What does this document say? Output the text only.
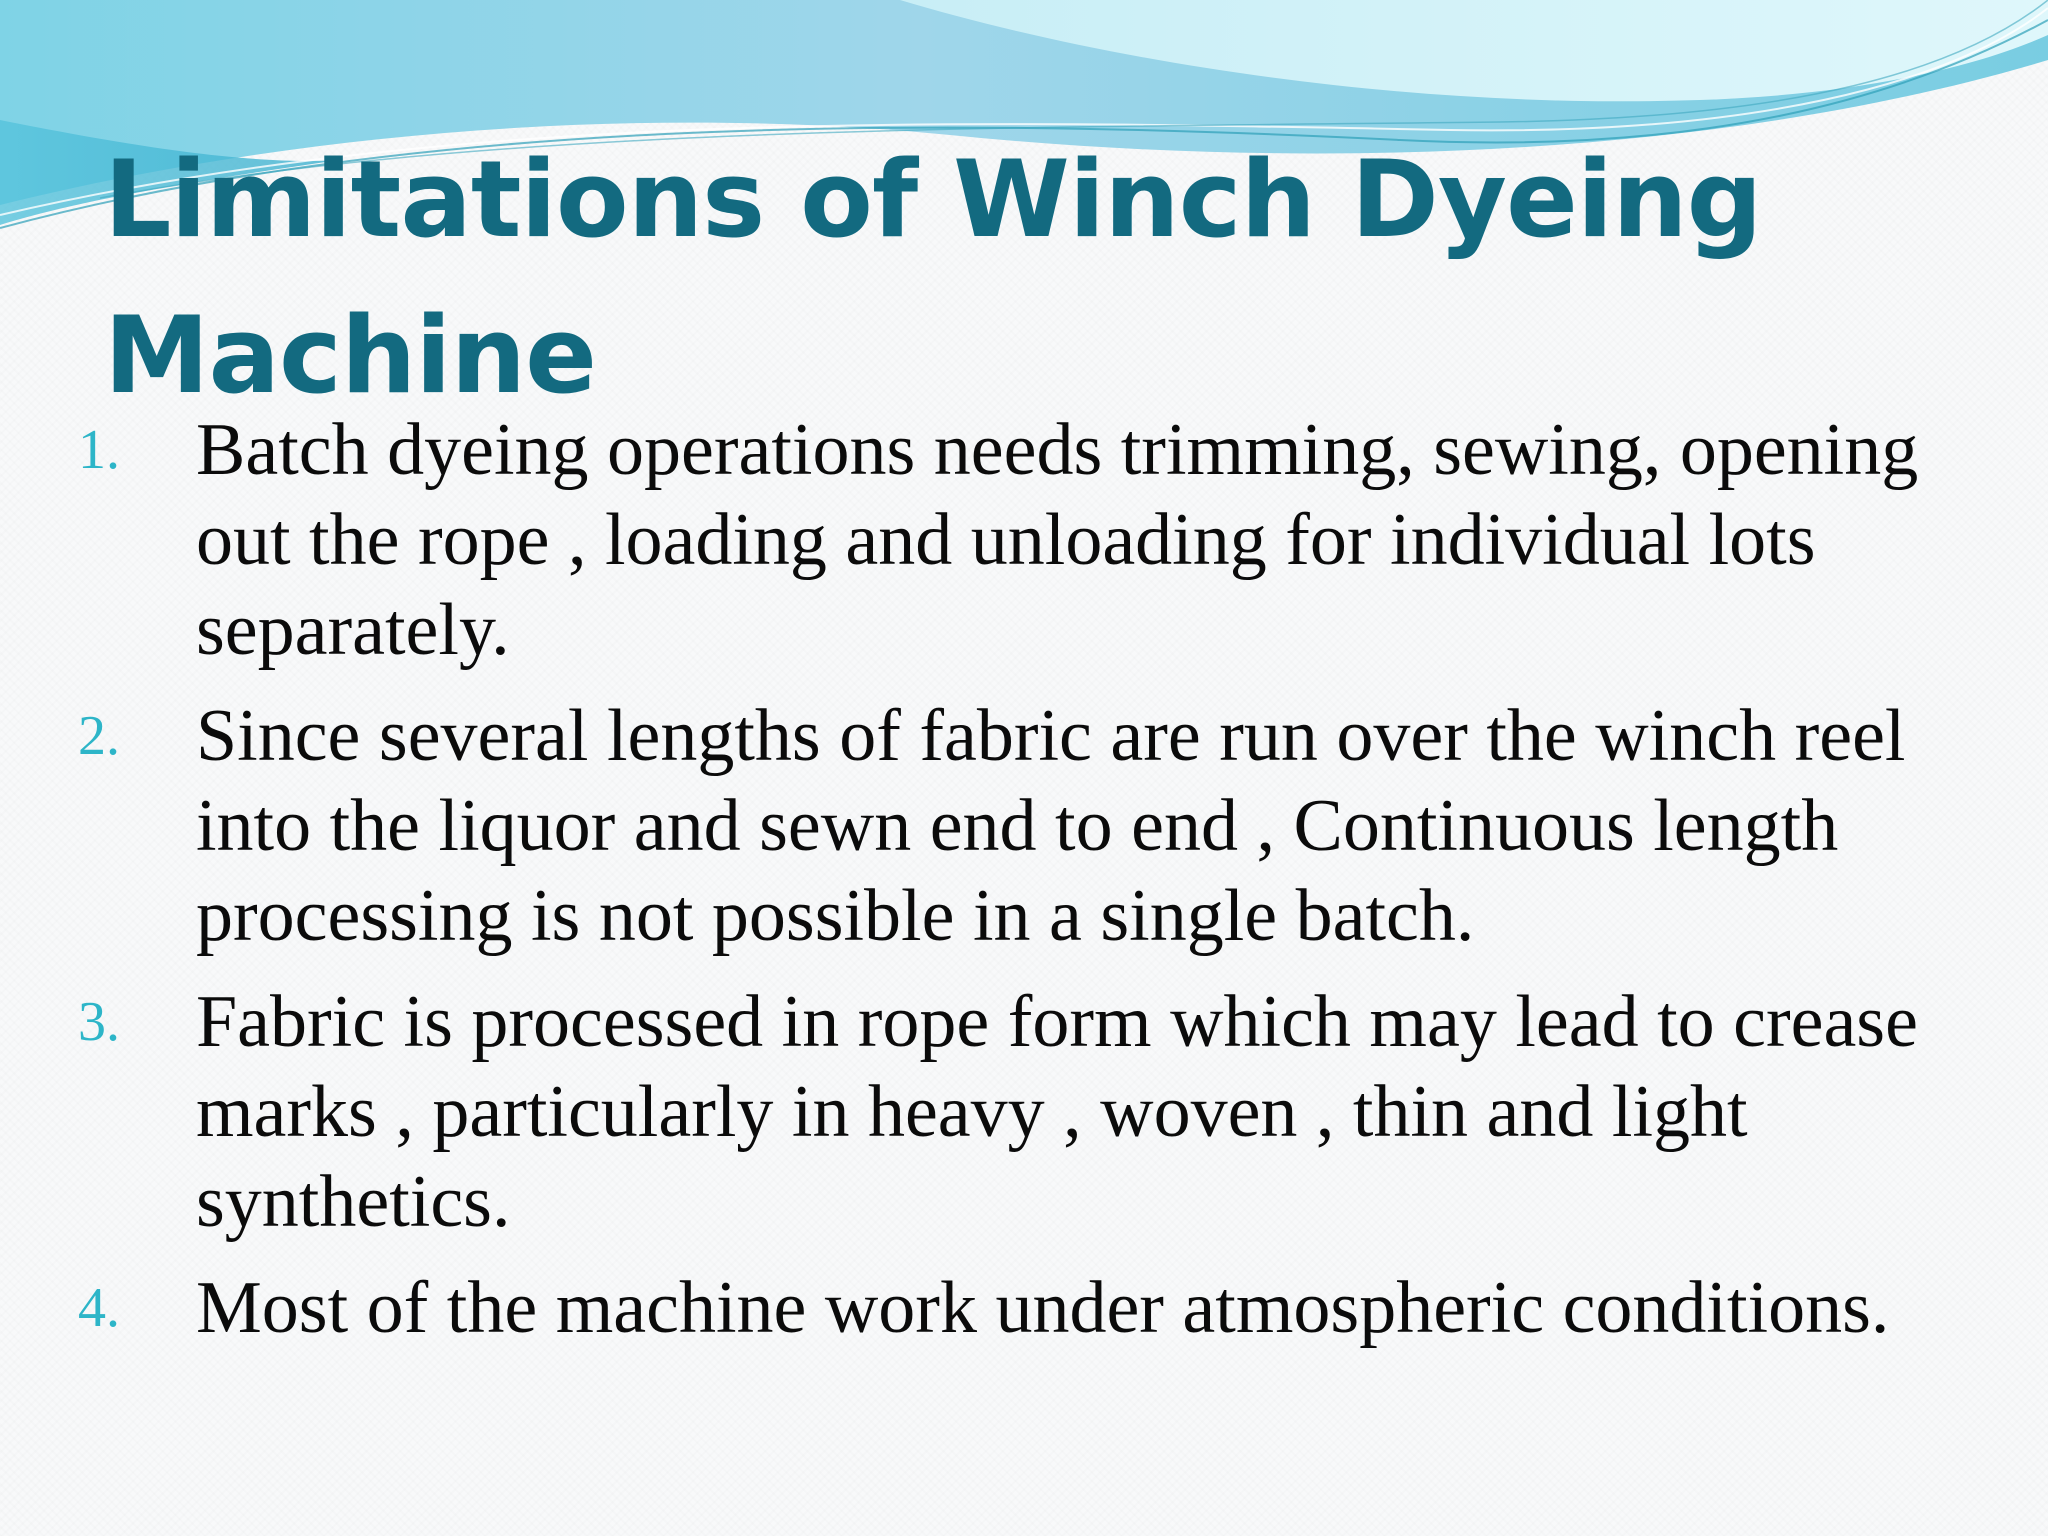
Limitations of Winch Dyeing Machine
1.	Batch dyeing operations needs trimming, sewing, opening out the rope , loading and unloading for individual lots separately.
2.	Since several lengths of fabric are run over the winch reel into the liquor and sewn end to end , Continuous length processing is not possible in a single batch.
3.	Fabric is processed in rope form which may lead to crease marks , particularly in heavy , woven , thin and light synthetics.
4.	Most of the machine work under atmospheric conditions.
